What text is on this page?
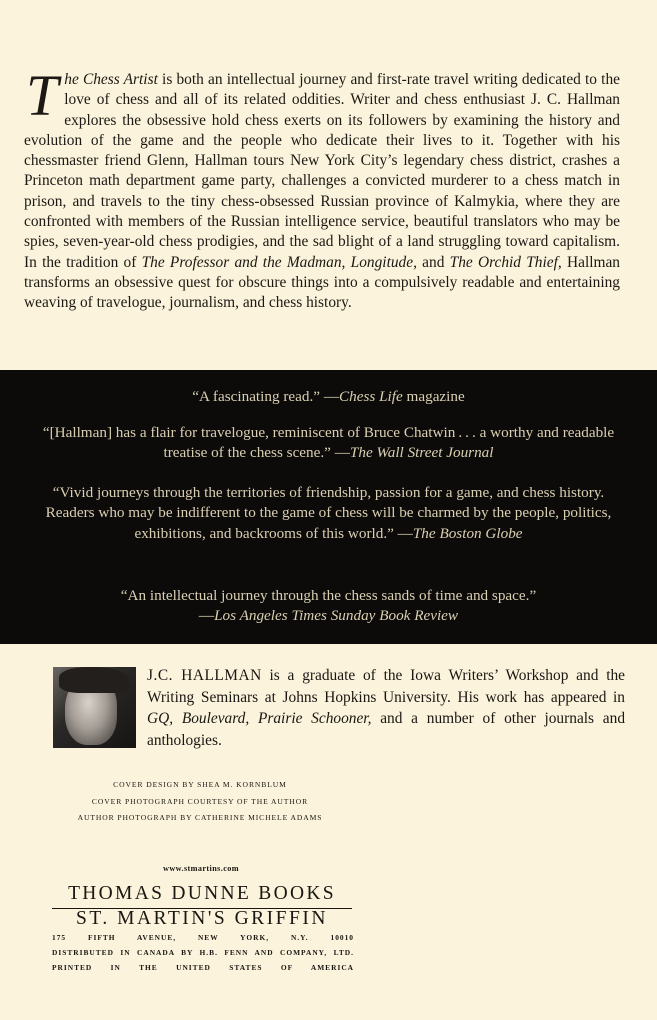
The Chess Artist is both an intellectual journey and first-rate travel writing dedicated to the love of chess and all of its related oddities. Writer and chess enthusiast J. C. Hallman explores the obsessive hold chess exerts on its followers by examining the history and evolution of the game and the people who dedicate their lives to it. Together with his chessmaster friend Glenn, Hallman tours New York City’s legendary chess district, crashes a Princeton math department game party, challenges a convicted murderer to a chess match in prison, and travels to the tiny chess-obsessed Russian province of Kalmykia, where they are confronted with members of the Russian intelligence service, beautiful translators who may be spies, seven-year-old chess prodigies, and the sad blight of a land struggling toward capitalism. In the tradition of The Professor and the Madman, Longitude, and The Orchid Thief, Hallman transforms an obsessive quest for obscure things into a compulsively readable and entertaining weaving of travelogue, journalism, and chess history.
“A fascinating read.” —Chess Life magazine
“[Hallman] has a flair for travelogue, reminiscent of Bruce Chatwin . . . a worthy and readable treatise of the chess scene.” —The Wall Street Journal
“Vivid journeys through the territories of friendship, passion for a game, and chess history. Readers who may be indifferent to the game of chess will be charmed by the people, politics, exhibitions, and backrooms of this world.” —The Boston Globe
“An intellectual journey through the chess sands of time and space.”
—Los Angeles Times Sunday Book Review
J.C. HALLMAN is a graduate of the Iowa Writers’ Workshop and the Writing Seminars at Johns Hopkins University. His work has appeared in GQ, Boulevard, Prairie Schooner, and a number of other journals and anthologies.
COVER DESIGN BY SHEA M. KORNBLUM
COVER PHOTOGRAPH COURTESY OF THE AUTHOR
AUTHOR PHOTOGRAPH BY CATHERINE MICHELE ADAMS
www.stmartins.com
THOMAS DUNNE BOOKS
ST. MARTIN'S GRIFFIN
175 FIFTH AVENUE, NEW YORK, N.Y. 10010
DISTRIBUTED IN CANADA BY H.B. FENN AND COMPANY, LTD.
PRINTED IN THE UNITED STATES OF AMERICA
